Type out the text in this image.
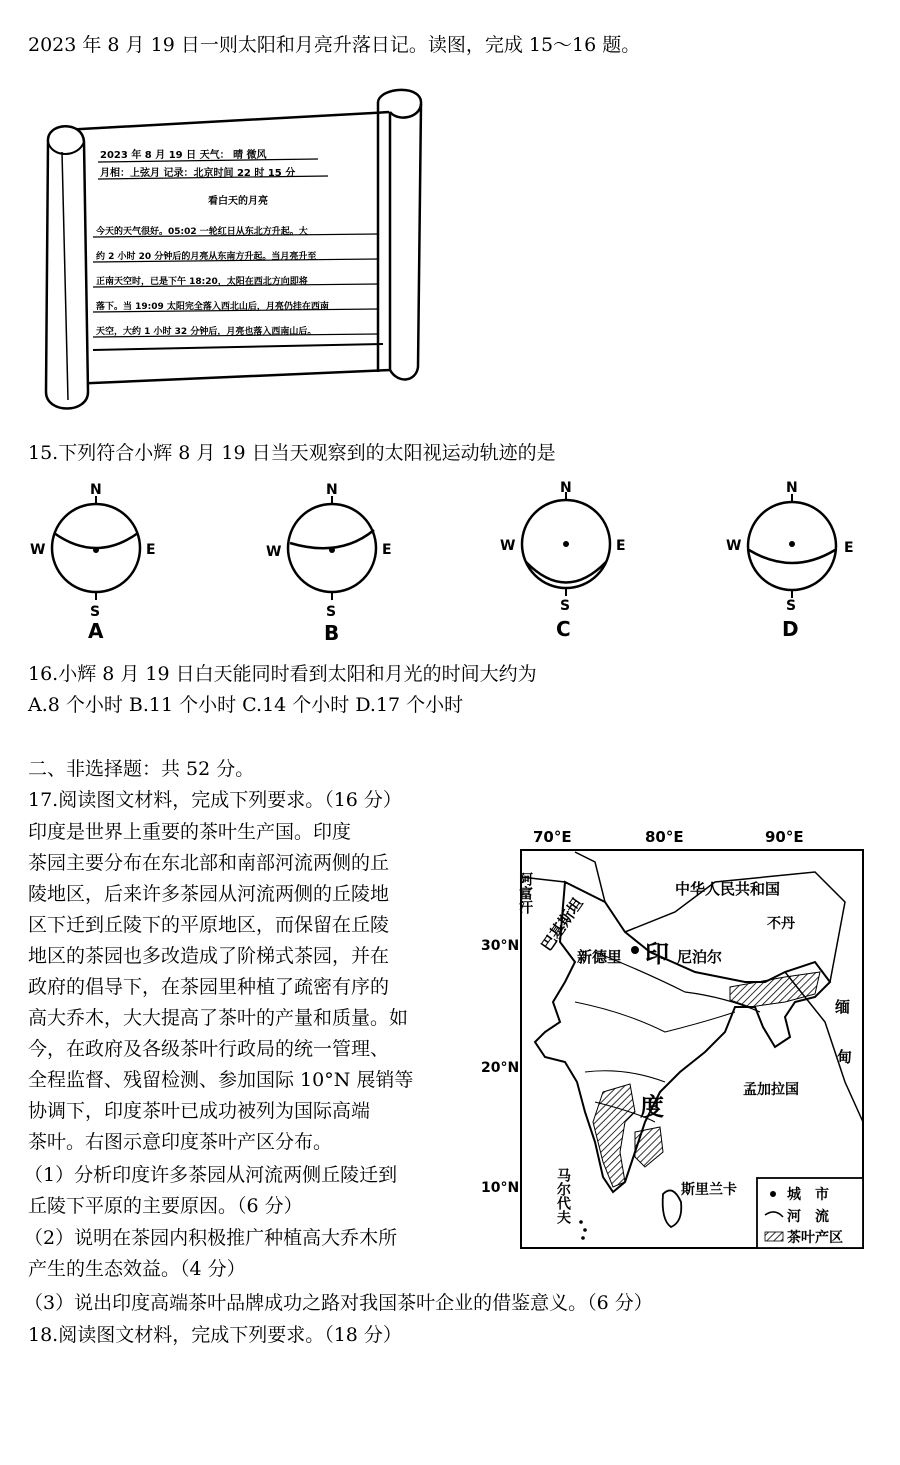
2023 年 8 月 19 日一则太阳和月亮升落日记。读图，完成 15～16 题。
2023 年 8 月 19 日 天气： 晴 微风
月相：上弦月 记录：北京时间 22 时 15 分
看白天的月亮
今天的天气很好。05:02 一轮红日从东北方升起。大
约 2 小时 20 分钟后的月亮从东南方升起。当月亮升至
正南天空时，已是下午 18:20，太阳在西北方向即将
落下。当 19:09 太阳完全落入西北山后，月亮仍挂在西南
天空，大约 1 小时 32 分钟后，月亮也落入西南山后。
15.下列符合小辉 8 月 19 日当天观察到的太阳视运动轨迹的是
N
S
W	E
A
N
S
W	E
B
N
S
W	E
C
N
S
W	E
D
16.小辉 8 月 19 日白天能同时看到太阳和月光的时间大约为
A.8 个小时 B.11 个小时 C.14 个小时 D.17 个小时
二、非选择题：共 52 分。
17.阅读图文材料，完成下列要求。（16 分）
印度是世界上重要的茶叶生产国。印度
茶园主要分布在东北部和南部河流两侧的丘
陵地区，后来许多茶园从河流两侧的丘陵地
区下迁到丘陵下的平原地区，而保留在丘陵
地区的茶园也多改造成了阶梯式茶园，并在
政府的倡导下，在茶园里种植了疏密有序的
高大乔木，大大提高了茶叶的产量和质量。如
今，在政府及各级茶叶行政局的统一管理、
全程监督、残留检测、参加国际 10°N 展销等
协调下，印度茶叶已成功被列为国际高端
茶叶。右图示意印度茶叶产区分布。
（1）分析印度许多茶园从河流两侧丘陵迁到
丘陵下平原的主要原因。（6 分）
（2）说明在茶园内积极推广种植高大乔木所
产生的生态效益。（4 分）
（3）说出印度高端茶叶品牌成功之路对我国茶叶企业的借鉴意义。（6 分）
18.阅读图文材料，完成下列要求。（18 分）
70°E	80°E	90°E
30°N
20°N
10°N
阿富汗
巴基斯坦
中华人民共和国
不丹
新德里 印 尼泊尔
度
缅
甸
孟加拉国
马尔代夫	斯里兰卡	城　市
河　流
茶叶产区
